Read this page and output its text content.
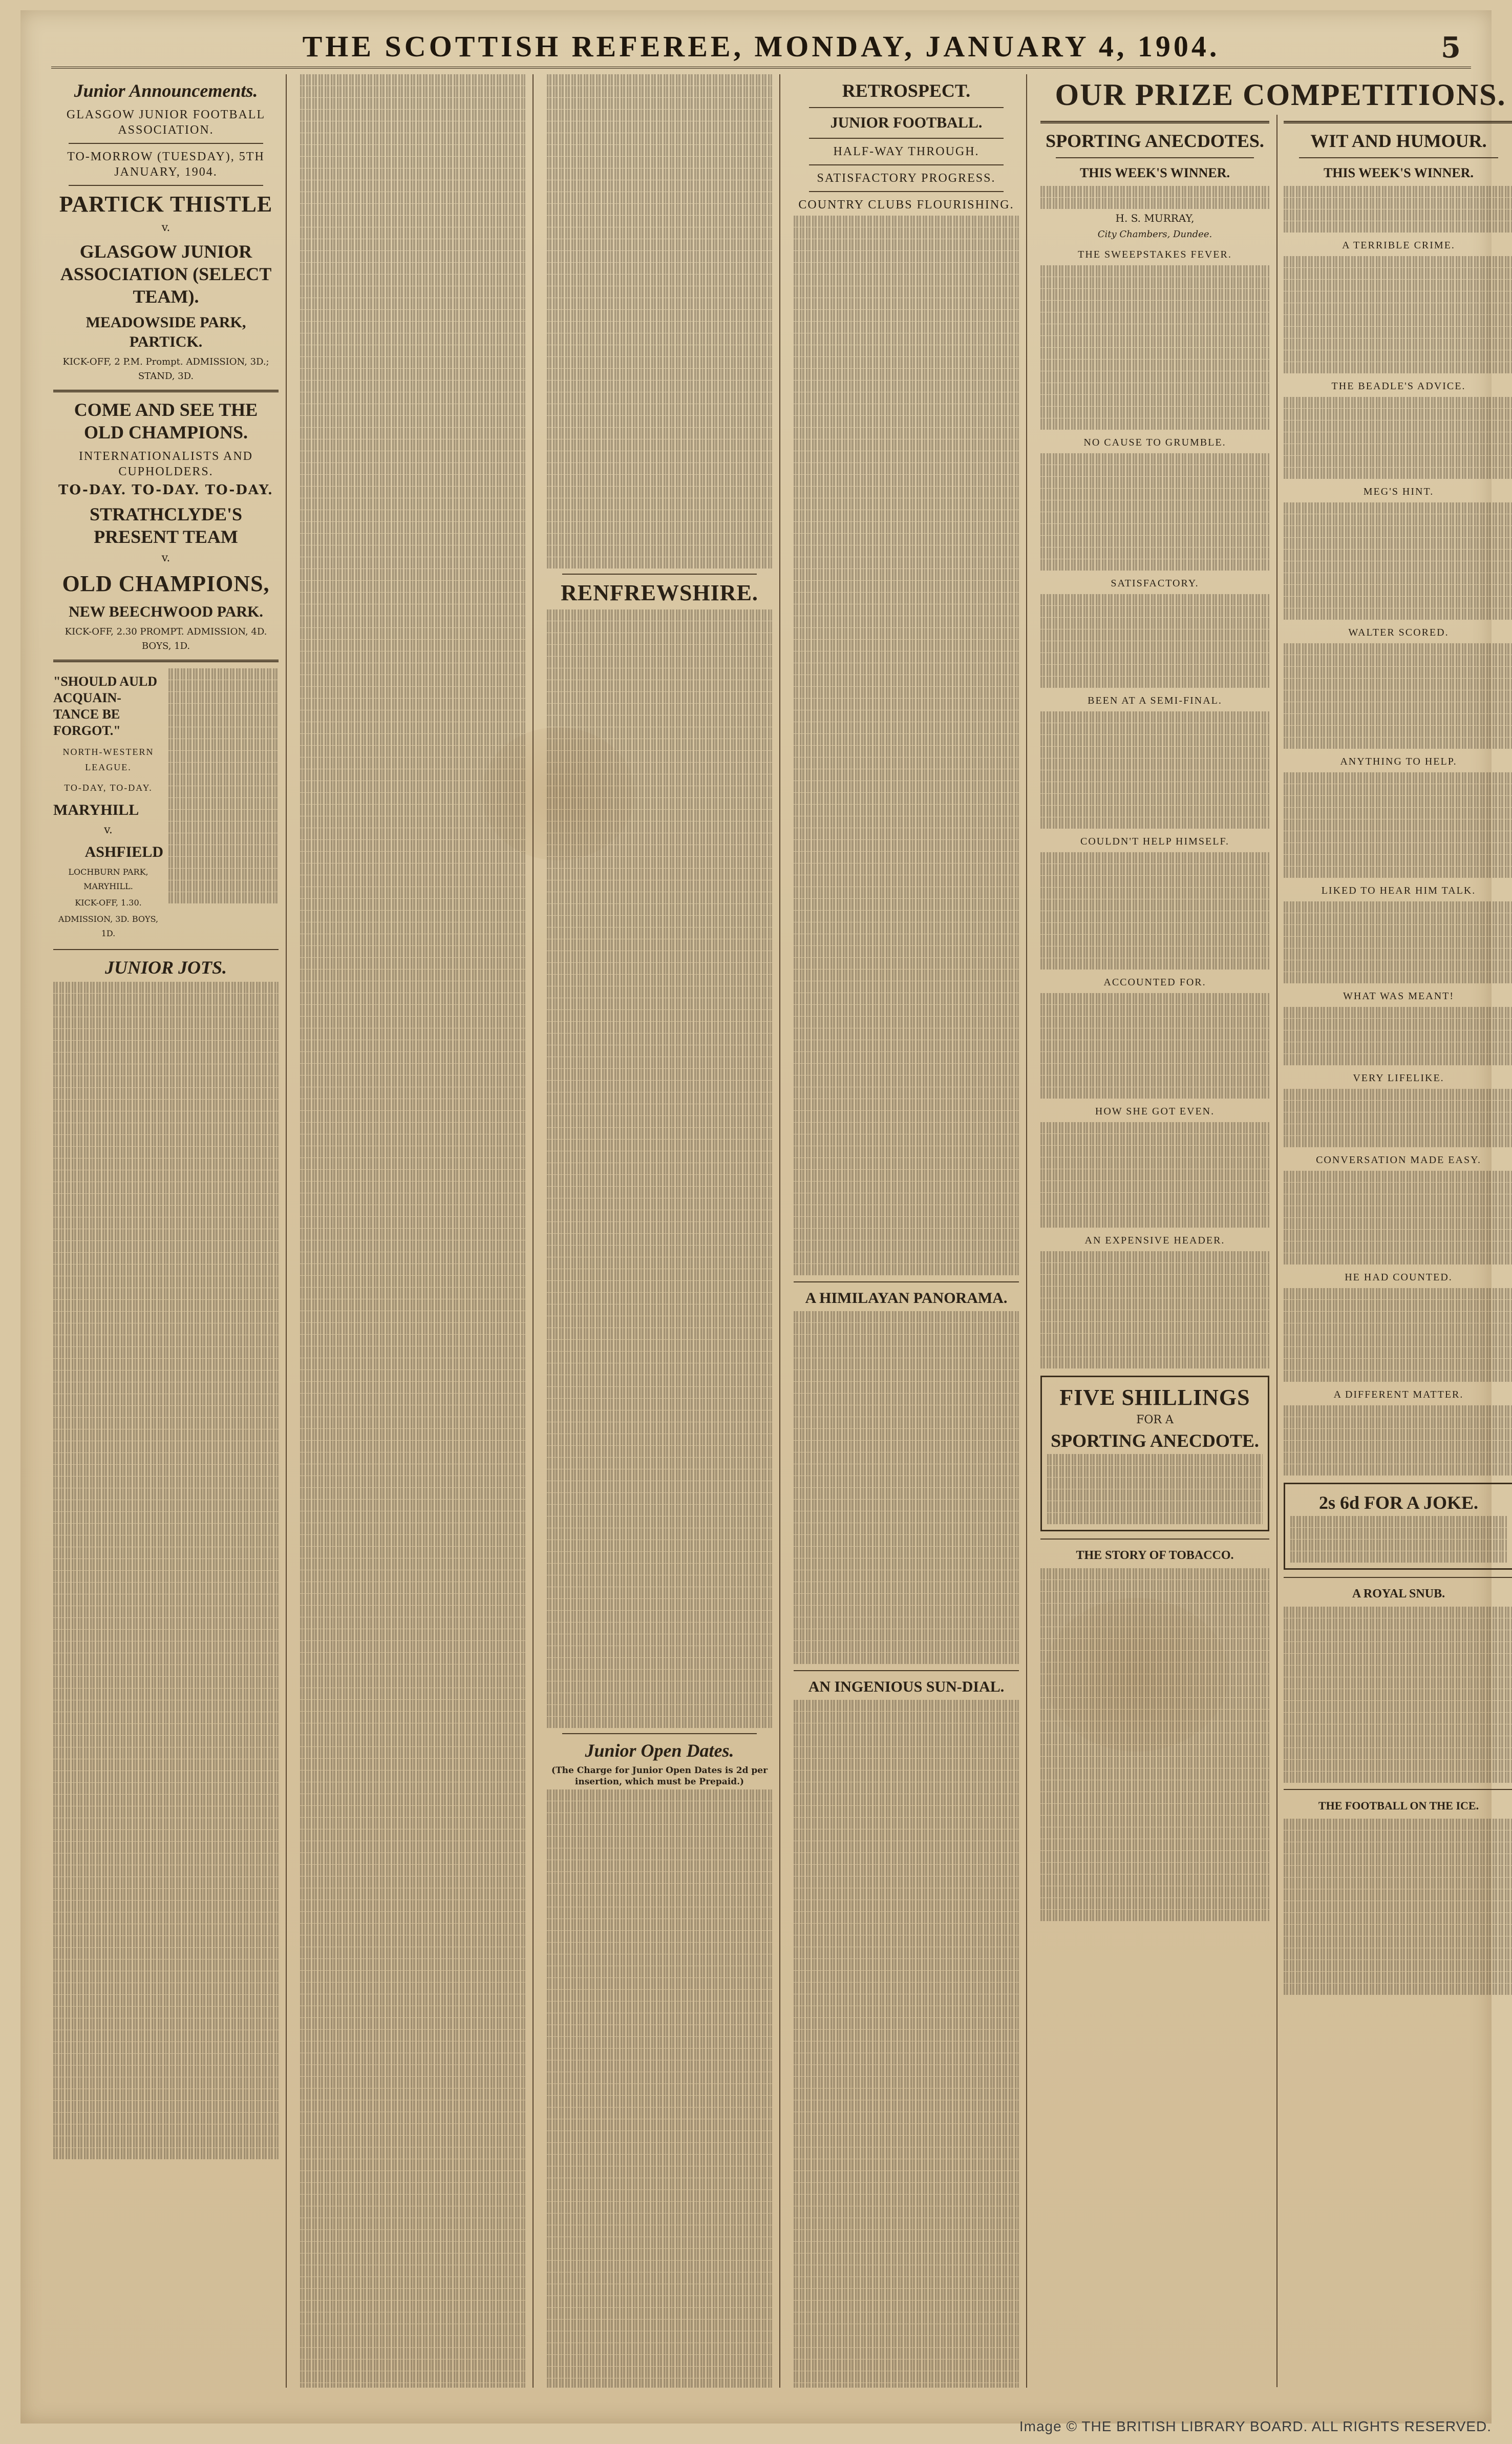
THE SCOTTISH REFEREE, MONDAY, JANUARY 4, 1904.	5
Junior Announcements.
GLASGOW JUNIOR FOOTBALL ASSOCIATION.
TO-MORROW (TUESDAY), 5TH JANUARY, 1904.
PARTICK THISTLE
v.
GLASGOW JUNIOR ASSOCIATION (SELECT TEAM).
MEADOWSIDE PARK, PARTICK.
KICK-OFF, 2 P.M. Prompt. ADMISSION, 3D.; STAND, 3D.
COME AND SEE THE OLD CHAMPIONS.
INTERNATIONALISTS AND CUPHOLDERS.
TO-DAY. TO-DAY. TO-DAY.
STRATHCLYDE'S PRESENT TEAM
v.
OLD CHAMPIONS,
NEW BEECHWOOD PARK.
KICK-OFF, 2.30 PROMPT. ADMISSION, 4D. BOYS, 1D.
"SHOULD AULD ACQUAIN-TANCE BE FORGOT."
NORTH-WESTERN LEAGUE.
TO-DAY, TO-DAY.
MARYHILL
v.
ASHFIELD
LOCHBURN PARK, MARYHILL.
KICK-OFF, 1.30.
ADMISSION, 3D. BOYS, 1D.
JUNIOR JOTS.
RENFREWSHIRE.
Junior Open Dates.
(The Charge for Junior Open Dates is 2d per insertion, which must be Prepaid.)
RETROSPECT.
JUNIOR FOOTBALL.
HALF-WAY THROUGH.
SATISFACTORY PROGRESS.
COUNTRY CLUBS FLOURISHING.
A HIMILAYAN PANORAMA.
AN INGENIOUS SUN-DIAL.
OUR PRIZE COMPETITIONS.
SPORTING ANECDOTES.
THIS WEEK'S WINNER.
H. S. MURRAY,
City Chambers, Dundee.
THE SWEEPSTAKES FEVER.
NO CAUSE TO GRUMBLE.
SATISFACTORY.
BEEN AT A SEMI-FINAL.
COULDN'T HELP HIMSELF.
ACCOUNTED FOR.
HOW SHE GOT EVEN.
AN EXPENSIVE HEADER.
FIVE SHILLINGS
FOR A
SPORTING ANECDOTE.
THE STORY OF TOBACCO.
WIT AND HUMOUR.
THIS WEEK'S WINNER.
A TERRIBLE CRIME.
THE BEADLE'S ADVICE.
MEG'S HINT.
WALTER SCORED.
ANYTHING TO HELP.
LIKED TO HEAR HIM TALK.
WHAT WAS MEANT!
VERY LIFELIKE.
CONVERSATION MADE EASY.
HE HAD COUNTED.
A DIFFERENT MATTER.
2s 6d FOR A JOKE.
A ROYAL SNUB.
THE FOOTBALL ON THE ICE.
Image © THE BRITISH LIBRARY BOARD. ALL RIGHTS RESERVED.
